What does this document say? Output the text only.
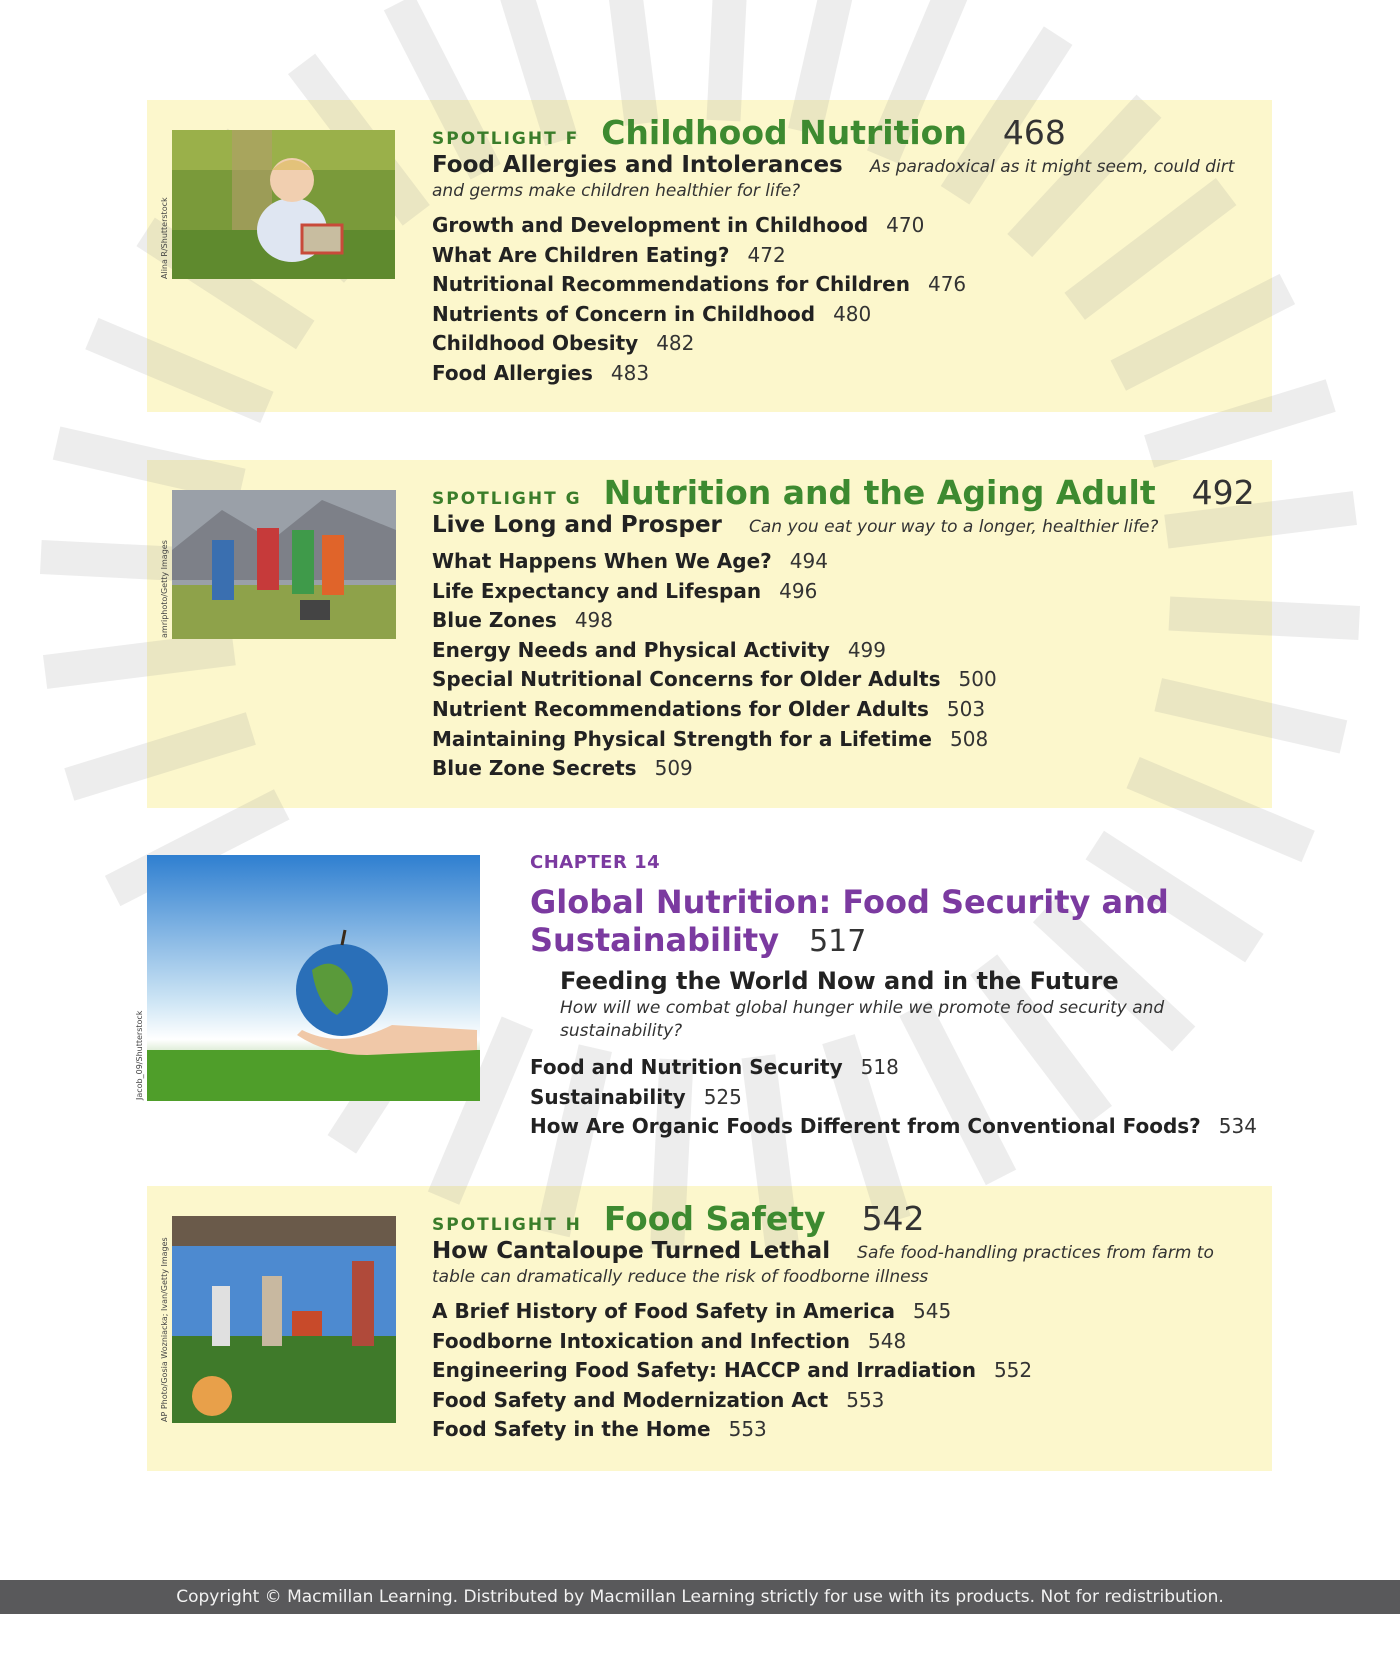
Alina R/Shutterstock
SPOTLIGHT F Childhood Nutrition 468
Food Allergies and Intolerances As paradoxical as it might seem, could dirt and germs make children healthier for life?
Growth and Development in Childhood 470
What Are Children Eating? 472
Nutritional Recommendations for Children 476
Nutrients of Concern in Childhood 480
Childhood Obesity 482
Food Allergies 483
amriphoto/Getty Images
SPOTLIGHT G Nutrition and the Aging Adult 492
Live Long and Prosper Can you eat your way to a longer, healthier life?
What Happens When We Age? 494
Life Expectancy and Lifespan 496
Blue Zones 498
Energy Needs and Physical Activity 499
Special Nutritional Concerns for Older Adults 500
Nutrient Recommendations for Older Adults 503
Maintaining Physical Strength for a Lifetime 508
Blue Zone Secrets 509
Jacob_09/Shutterstock
CHAPTER 14
Global Nutrition: Food Security and
Sustainability 517
Feeding the World Now and in the Future
How will we combat global hunger while we promote food security and sustainability?
Food and Nutrition Security 518
Sustainability 525
How Are Organic Foods Different from Conventional Foods? 534
AP Photo/Gosia Wozniacka; Ivan/Getty Images
SPOTLIGHT H Food Safety 542
How Cantaloupe Turned Lethal Safe food-handling practices from farm to table can dramatically reduce the risk of foodborne illness
A Brief History of Food Safety in America 545
Foodborne Intoxication and Infection 548
Engineering Food Safety: HACCP and Irradiation 552
Food Safety and Modernization Act 553
Food Safety in the Home 553
Copyright © Macmillan Learning. Distributed by Macmillan Learning strictly for use with its products. Not for redistribution.
